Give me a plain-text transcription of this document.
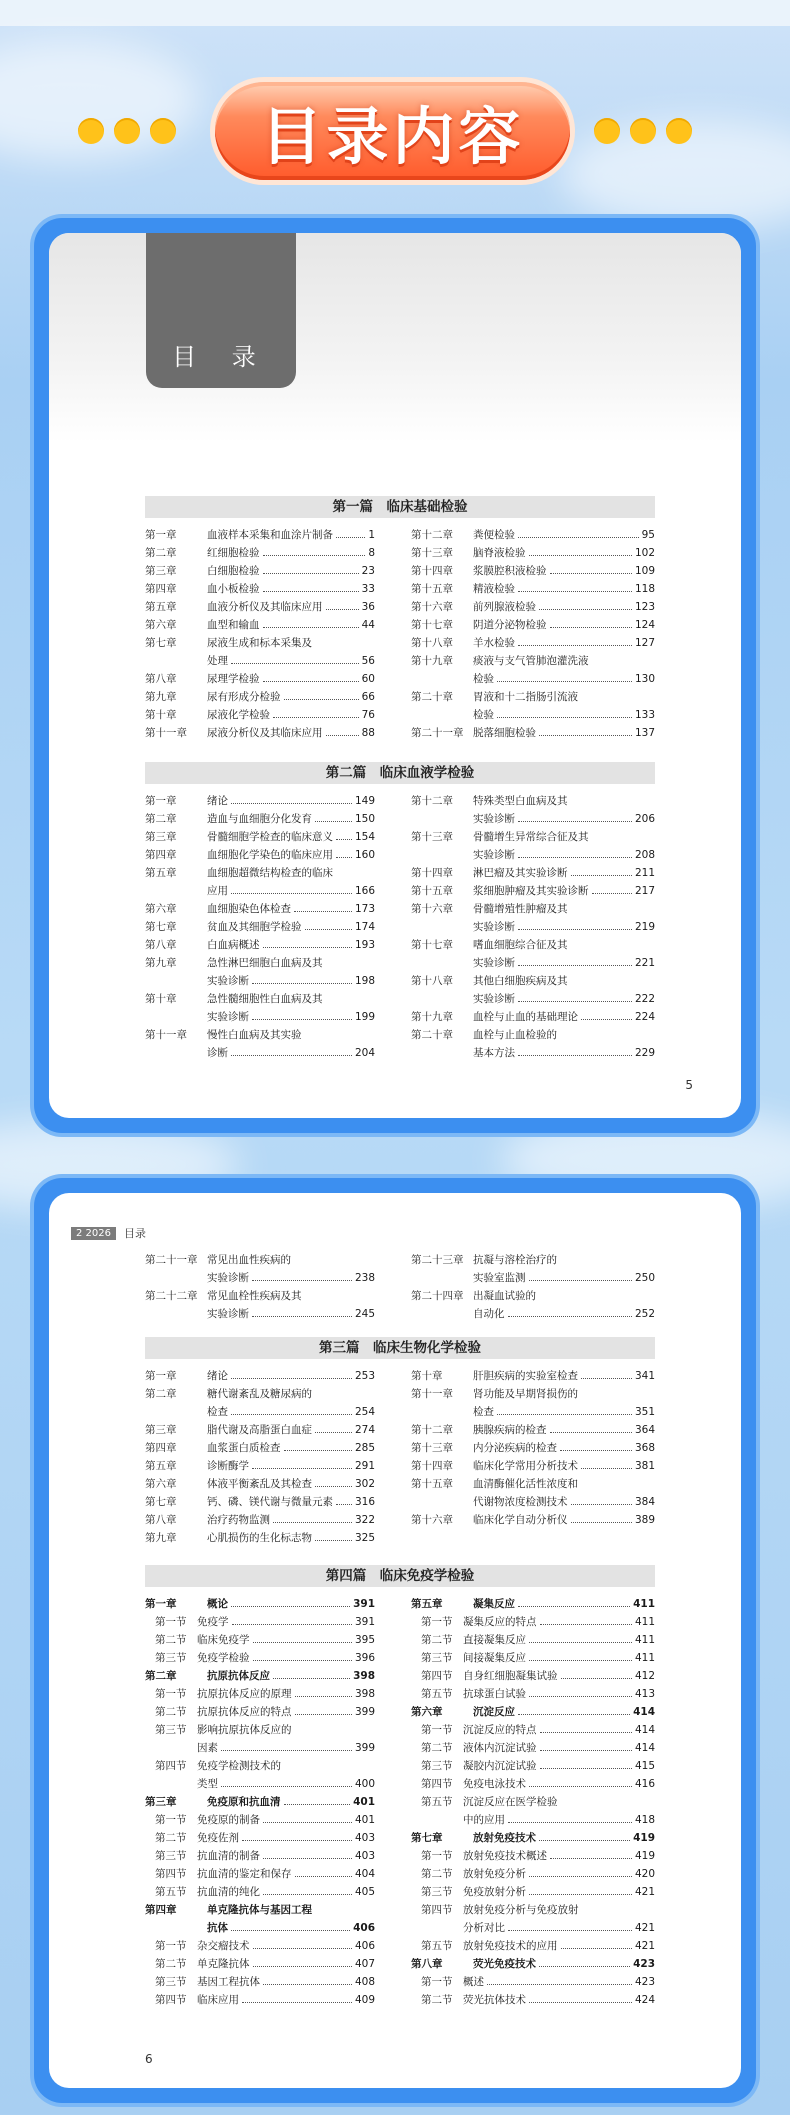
目录内容
目 录
第一篇　临床基础检验
第一章	血液样本采集和血涂片制备	1
第二章	红细胞检验	8
第三章	白细胞检验	23
第四章	血小板检验	33
第五章	血液分析仪及其临床应用	36
第六章	血型和输血	44
第七章	尿液生成和标本采集及
处理	56
第八章	尿理学检验	60
第九章	尿有形成分检验	66
第十章	尿液化学检验	76
第十一章 尿液分析仪及其临床应用	88
第十二章 粪便检验	95
第十三章 脑脊液检验	102
第十四章 浆膜腔积液检验	109
第十五章 精液检验	118
第十六章 前列腺液检验	123
第十七章 阴道分泌物检验	124
第十八章 羊水检验	127
第十九章 痰液与支气管肺泡灌洗液
检验	130
第二十章 胃液和十二指肠引流液
检验	133
第二十一章 脱落细胞检验	137
第二篇　临床血液学检验
第一章	绪论	149
第二章	造血与血细胞分化发育	150
第三章	骨髓细胞学检查的临床意义 154
第四章	血细胞化学染色的临床应用 160
第五章	血细胞超微结构检查的临床
应用	166
第六章	血细胞染色体检查	173
第七章	贫血及其细胞学检验	174
第八章	白血病概述	193
第九章	急性淋巴细胞白血病及其
实验诊断	198
第十章	急性髓细胞性白血病及其
实验诊断	199
第十一章 慢性白血病及其实验
诊断	204
第十二章 特殊类型白血病及其
实验诊断	206
第十三章 骨髓增生异常综合征及其
实验诊断	208
第十四章 淋巴瘤及其实验诊断	211
第十五章 浆细胞肿瘤及其实验诊断	217
第十六章 骨髓增殖性肿瘤及其
实验诊断	219
第十七章 嗜血细胞综合征及其
实验诊断	221
第十八章 其他白细胞疾病及其
实验诊断	222
第十九章 血栓与止血的基础理论	224
第二十章 血栓与止血检验的
基本方法	229
5
2 2026	目录
第二十一章 常见出血性疾病的
实验诊断	238
第二十二章 常见血栓性疾病及其
实验诊断	245
第二十三章 抗凝与溶栓治疗的
实验室监测	250
第二十四章 出凝血试验的
自动化	252
第三篇　临床生物化学检验
第一章	绪论	253
第二章	糖代谢紊乱及糖尿病的
检查	254
第三章	脂代谢及高脂蛋白血症	274
第四章	血浆蛋白质检查	285
第五章	诊断酶学	291
第六章	体液平衡紊乱及其检查	302
第七章	钙、磷、镁代谢与微量元素 316
第八章	治疗药物监测	322
第九章	心肌损伤的生化标志物	325
第十章	肝胆疾病的实验室检查	341
第十一章 肾功能及早期肾损伤的
检查	351
第十二章 胰腺疾病的检查	364
第十三章 内分泌疾病的检查	368
第十四章 临床化学常用分析技术	381
第十五章 血清酶催化活性浓度和
代谢物浓度检测技术	384
第十六章 临床化学自动分析仪	389
第四篇　临床免疫学检验
第一章	概论	391
第一节 免疫学	391
第二节 临床免疫学	395
第三节 免疫学检验	396
第二章	抗原抗体反应	398
第一节 抗原抗体反应的原理	398
第二节 抗原抗体反应的特点	399
第三节 影响抗原抗体反应的
因素	399
第四节 免疫学检测技术的
类型	400
第三章	免疫原和抗血清	401
第一节 免疫原的制备	401
第二节 免疫佐剂	403
第三节 抗血清的制备	403
第四节 抗血清的鉴定和保存	404
第五节 抗血清的纯化	405
第四章	单克隆抗体与基因工程
抗体	406
第一节 杂交瘤技术	406
第二节 单克隆抗体	407
第三节 基因工程抗体	408
第四节 临床应用	409
第五章	凝集反应	411
第一节 凝集反应的特点	411
第二节 直接凝集反应	411
第三节 间接凝集反应	411
第四节 自身红细胞凝集试验	412
第五节 抗球蛋白试验	413
第六章	沉淀反应	414
第一节 沉淀反应的特点	414
第二节 液体内沉淀试验	414
第三节 凝胶内沉淀试验	415
第四节 免疫电泳技术	416
第五节 沉淀反应在医学检验
中的应用	418
第七章	放射免疫技术	419
第一节 放射免疫技术概述	419
第二节 放射免疫分析	420
第三节 免疫放射分析	421
第四节 放射免疫分析与免疫放射
分析对比	421
第五节 放射免疫技术的应用	421
第八章	荧光免疫技术	423
第一节 概述	423
第二节 荧光抗体技术	424
6
